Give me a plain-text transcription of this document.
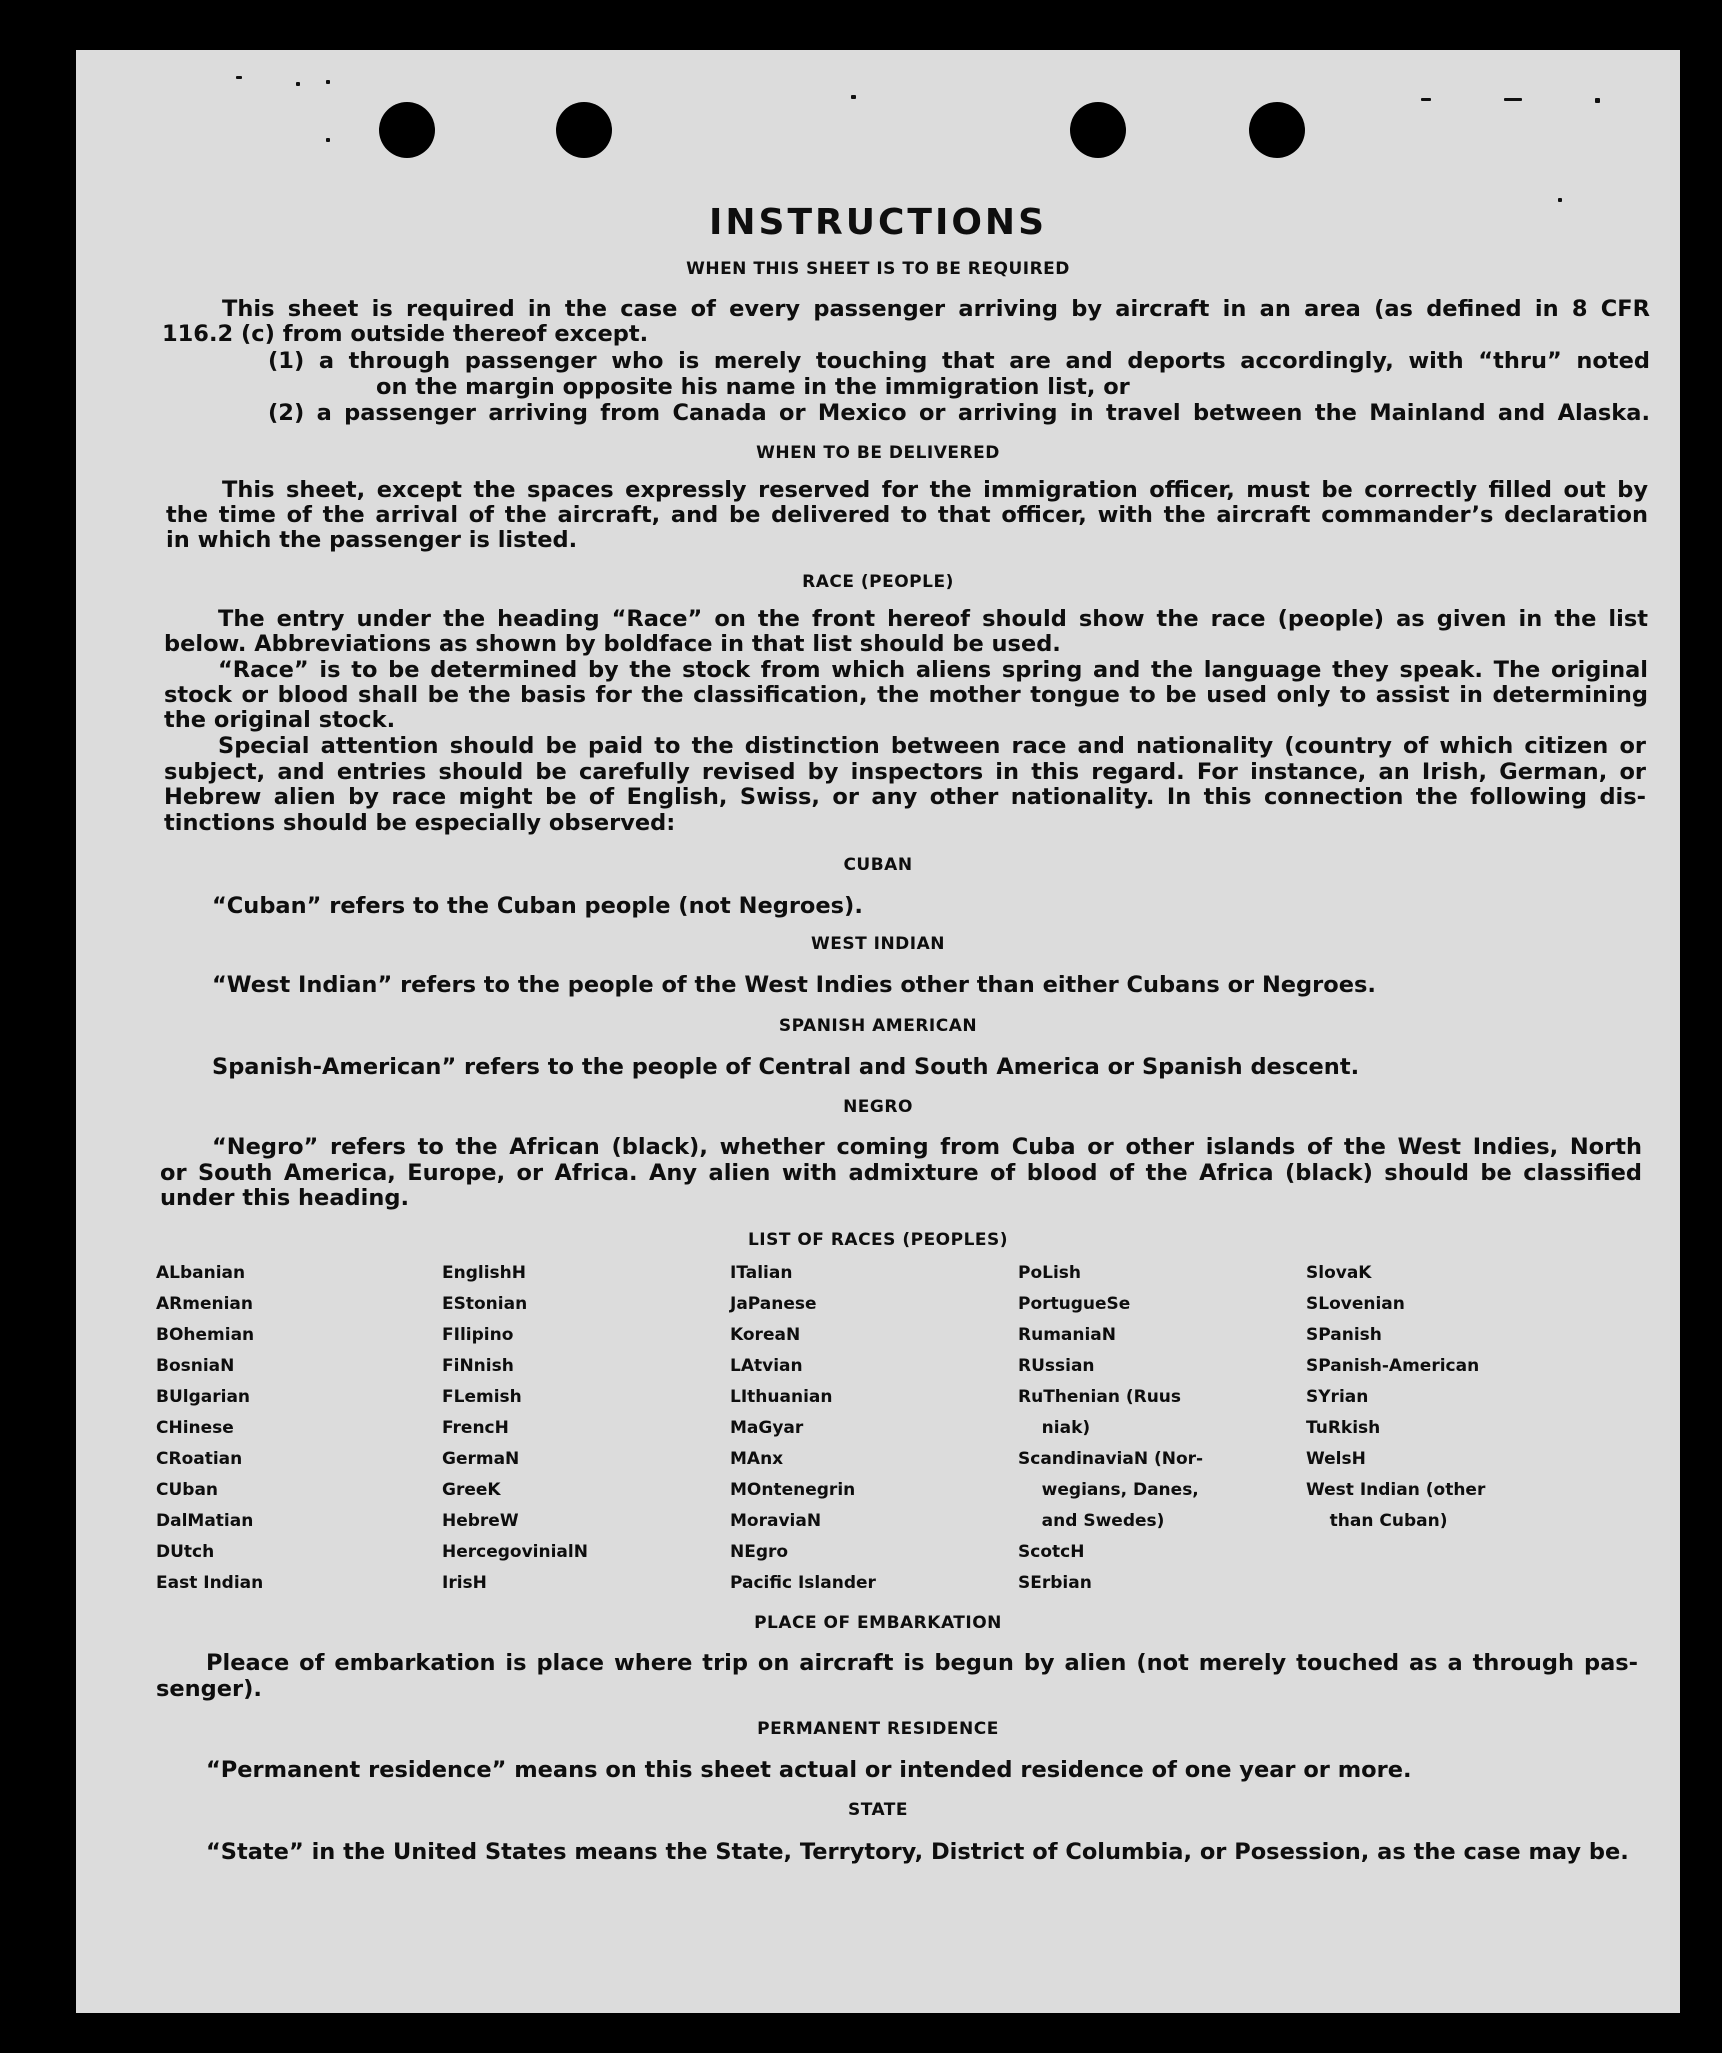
INSTRUCTIONS
WHEN THIS SHEET IS TO BE REQUIRED
This sheet is required in the case of every passenger arriving by aircraft in an area (as defined in 8 CFR
116.2 (c) from outside thereof except.
(1) a through passenger who is merely touching that are and deports accordingly, with “thru” noted
on the margin opposite his name in the immigration list, or
(2) a passenger arriving from Canada or Mexico or arriving in travel between the Mainland and Alaska.
WHEN TO BE DELIVERED
This sheet, except the spaces expressly reserved for the immigration officer, must be correctly filled out by
the time of the arrival of the aircraft, and be delivered to that officer, with the aircraft commander’s declaration
in which the passenger is listed.
RACE (PEOPLE)
The entry under the heading “Race” on the front hereof should show the race (people) as given in the list
below. Abbreviations as shown by boldface in that list should be used.
“Race” is to be determined by the stock from which aliens spring and the language they speak. The original
stock or blood shall be the basis for the classification, the mother tongue to be used only to assist in determining
the original stock.
Special attention should be paid to the distinction between race and nationality (country of which citizen or
subject, and entries should be carefully revised by inspectors in this regard. For instance, an Irish, German, or
Hebrew alien by race might be of English, Swiss, or any other nationality. In this connection the following dis-
tinctions should be especially observed:
CUBAN
“Cuban” refers to the Cuban people (not Negroes).
WEST INDIAN
“West Indian” refers to the people of the West Indies other than either Cubans or Negroes.
SPANISH AMERICAN
Spanish-American” refers to the people of Central and South America or Spanish descent.
NEGRO
“Negro” refers to the African (black), whether coming from Cuba or other islands of the West Indies, North
or South America, Europe, or Africa. Any alien with admixture of blood of the Africa (black) should be classified
under this heading.
LIST OF RACES (PEOPLES)
ALbanian
ARmenian
BOhemian
BosniaN
BUlgarian
CHinese
CRoatian
CUban
DalMatian
DUtch
East Indian
EnglishH
EStonian
FIlipino
FiNnish
FLemish
FrencH
GermaN
GreeK
HebreW
HercegovinialN
IrisH
ITalian
JaPanese
KoreaN
LAtvian
LIthuanian
MaGyar
MAnx
MOntenegrin
MoraviaN
NEgro
Pacific Islander
PoLish
PortugueSe
RumaniaN
RUssian
RuThenian (Ruus
niak)
ScandinaviaN (Nor-
wegians, Danes,
and Swedes)
ScotcH
SErbian
SlovaK
SLovenian
SPanish
SPanish-American
SYrian
TuRkish
WelsH
West Indian (other
than Cuban)
PLACE OF EMBARKATION
Pleace of embarkation is place where trip on aircraft is begun by alien (not merely touched as a through pas-
senger).
PERMANENT RESIDENCE
“Permanent residence” means on this sheet actual or intended residence of one year or more.
STATE
“State” in the United States means the State, Terrytory, District of Columbia, or Posession, as the case may be.
